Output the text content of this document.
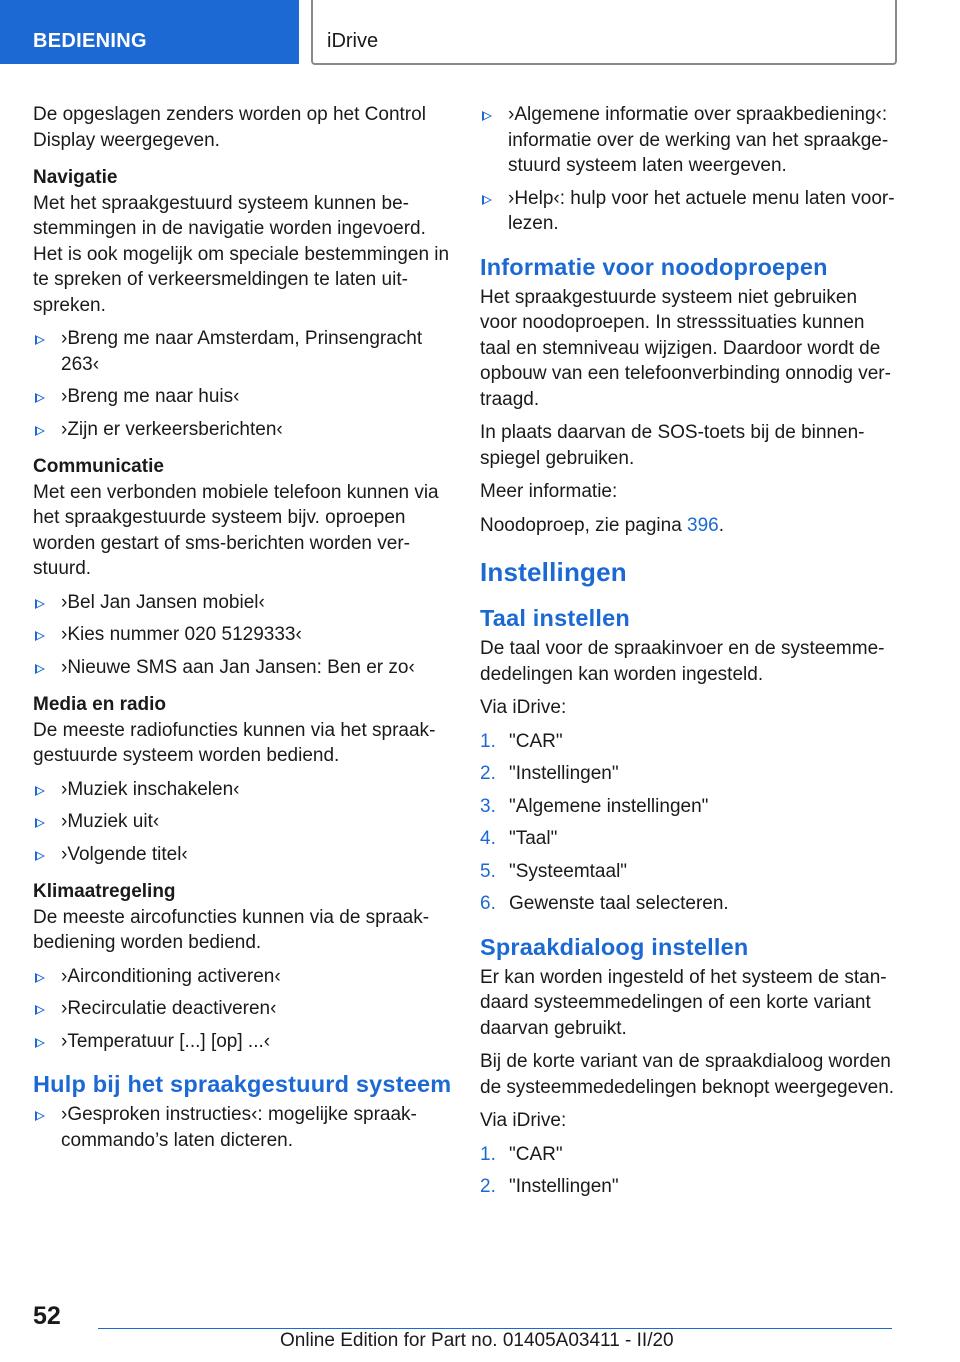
BEDIENING	iDrive

De opgeslagen zenders worden op het Control Display weergegeven.

Navigatie

Met het spraakgestuurd systeem kunnen bestemmingen in de navigatie worden ingevoerd. Het is ook mogelijk om speciale bestemmingen in te spreken of verkeersmeldingen te laten uitspreken.

›Breng me naar Amsterdam, Prinsengracht 263‹
›Breng me naar huis‹
›Zijn er verkeersberichten‹
Communicatie

Met een verbonden mobiele telefoon kunnen via het spraakgestuurde systeem bijv. oproepen worden gestart of sms-berichten worden verstuurd.

›Bel Jan Jansen mobiel‹
›Kies nummer 020 5129333‹
›Nieuwe SMS aan Jan Jansen: Ben er zo‹
Media en radio

De meeste radiofuncties kunnen via het spraakgestuurde systeem worden bediend.

›Muziek inschakelen‹
›Muziek uit‹
›Volgende titel‹
Klimaatregeling

De meeste aircofuncties kunnen via de spraakbediening worden bediend.

›Airconditioning activeren‹
›Recirculatie deactiveren‹
›Temperatuur [...] [op] ...‹
Hulp bij het spraakgestuurd systeem
›Gesproken instructies‹: mogelijke spraakcommando’s laten dicteren.
›Algemene informatie over spraakbediening‹: informatie over de werking van het spraakgestuurd systeem laten weergeven.
›Help‹: hulp voor het actuele menu laten voorlezen.
Informatie voor noodoproepen

Het spraakgestuurde systeem niet gebruiken voor noodoproepen. In stresssituaties kunnen taal en stemniveau wijzigen. Daardoor wordt de opbouw van een telefoonverbinding onnodig vertraagd.

In plaats daarvan de SOS-toets bij de binnenspiegel gebruiken.

Meer informatie:

Noodoproep, zie pagina 396.

Instellingen
Taal instellen

De taal voor de spraakinvoer en de systeemmededelingen kan worden ingesteld.

Via iDrive:

1. "CAR"
2. "Instellingen"
3. "Algemene instellingen"
4. "Taal"
5. "Systeemtaal"
6. Gewenste taal selecteren.
Spraakdialoog instellen

Er kan worden ingesteld of het systeem de standaard systeemmedelingen of een korte variant daarvan gebruikt.

Bij de korte variant van de spraakdialoog worden de systeemmededelingen beknopt weergegeven.

Via iDrive:

1. "CAR"
2. "Instellingen"
52
Online Edition for Part no. 01405A03411 - II/20
